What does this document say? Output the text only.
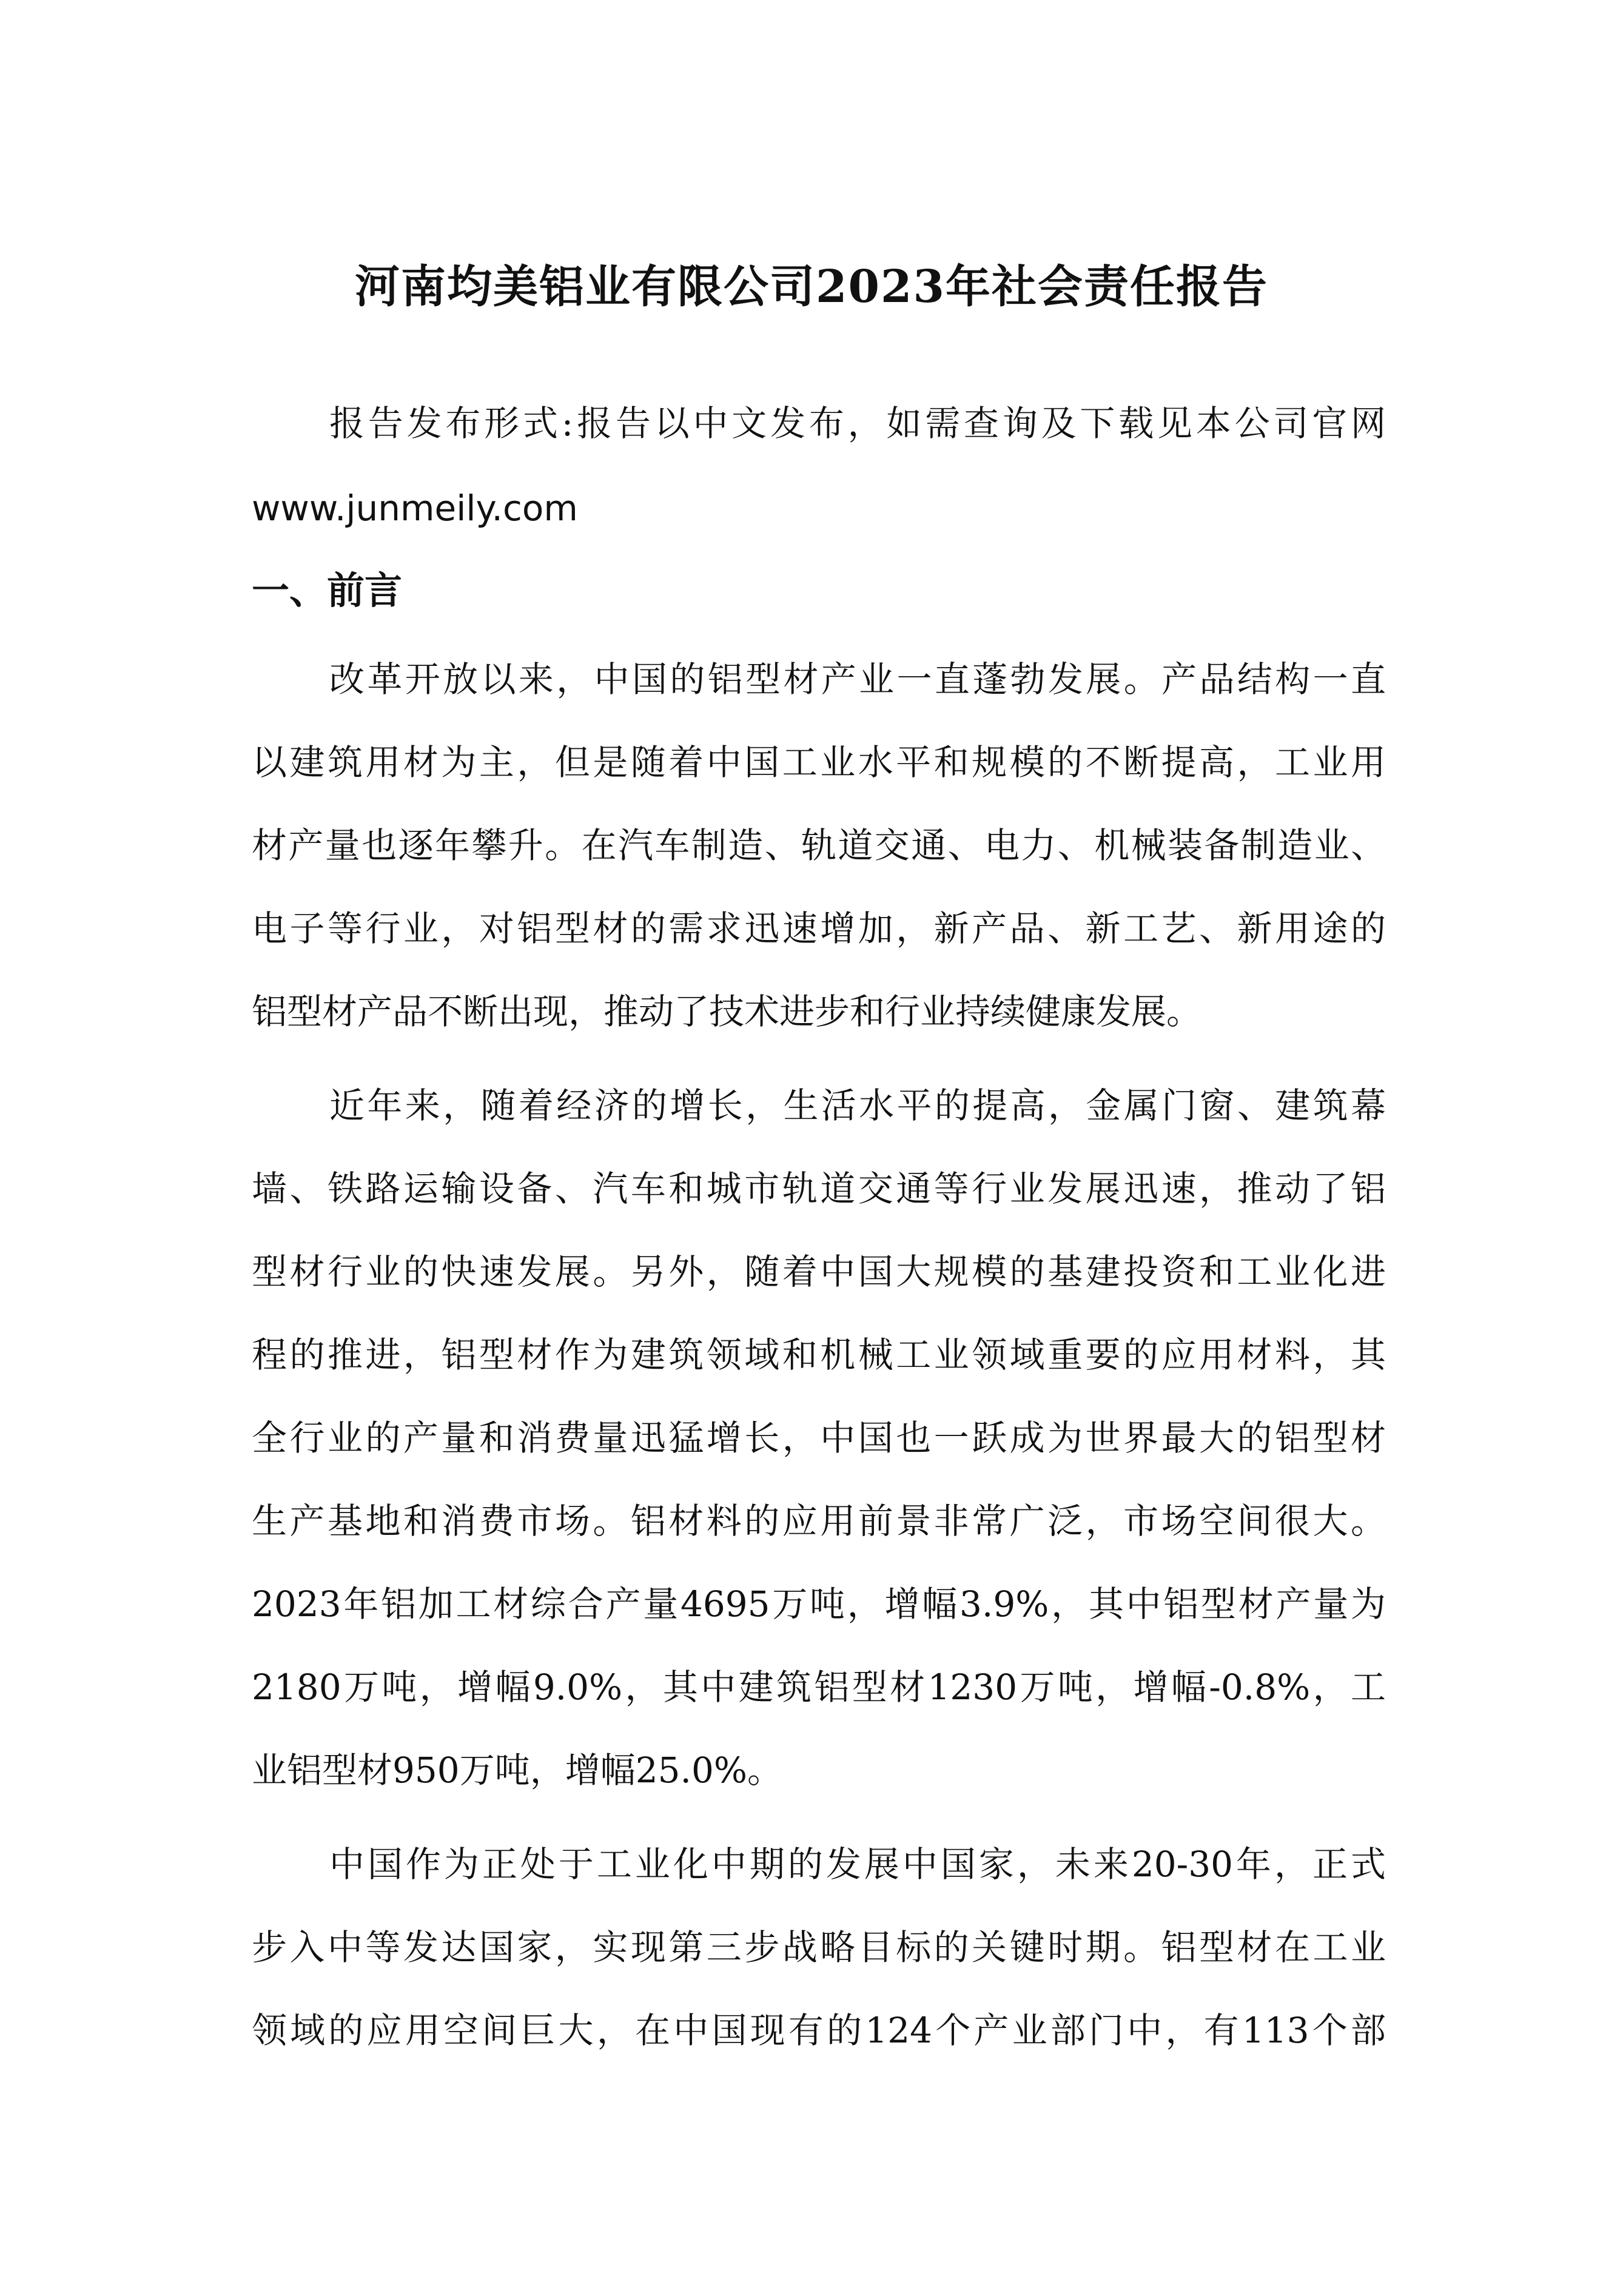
河南均美铝业有限公司2023年社会责任报告
报告发布形式:报告以中文发布，如需查询及下载见本公司官网
www.junmeily.com
一、前言
改革开放以来，中国的铝型材产业一直蓬勃发展。产品结构一直
以建筑用材为主，但是随着中国工业水平和规模的不断提高，工业用
材产量也逐年攀升。在汽车制造、轨道交通、电力、机械装备制造业、
电子等行业，对铝型材的需求迅速增加，新产品、新工艺、新用途的
铝型材产品不断出现，推动了技术进步和行业持续健康发展。
近年来，随着经济的增长，生活水平的提高，金属门窗、建筑幕
墙、铁路运输设备、汽车和城市轨道交通等行业发展迅速，推动了铝
型材行业的快速发展。另外，随着中国大规模的基建投资和工业化进
程的推进，铝型材作为建筑领域和机械工业领域重要的应用材料，其
全行业的产量和消费量迅猛增长，中国也一跃成为世界最大的铝型材
生产基地和消费市场。铝材料的应用前景非常广泛，市场空间很大。
2023年铝加工材综合产量4695万吨，增幅3.9%，其中铝型材产量为
2180万吨，增幅9.0%，其中建筑铝型材1230万吨，增幅-0.8%，工
业铝型材950万吨，增幅25.0%。
中国作为正处于工业化中期的发展中国家，未来20-30年，正式
步入中等发达国家，实现第三步战略目标的关键时期。铝型材在工业
领域的应用空间巨大，在中国现有的124个产业部门中，有113个部
